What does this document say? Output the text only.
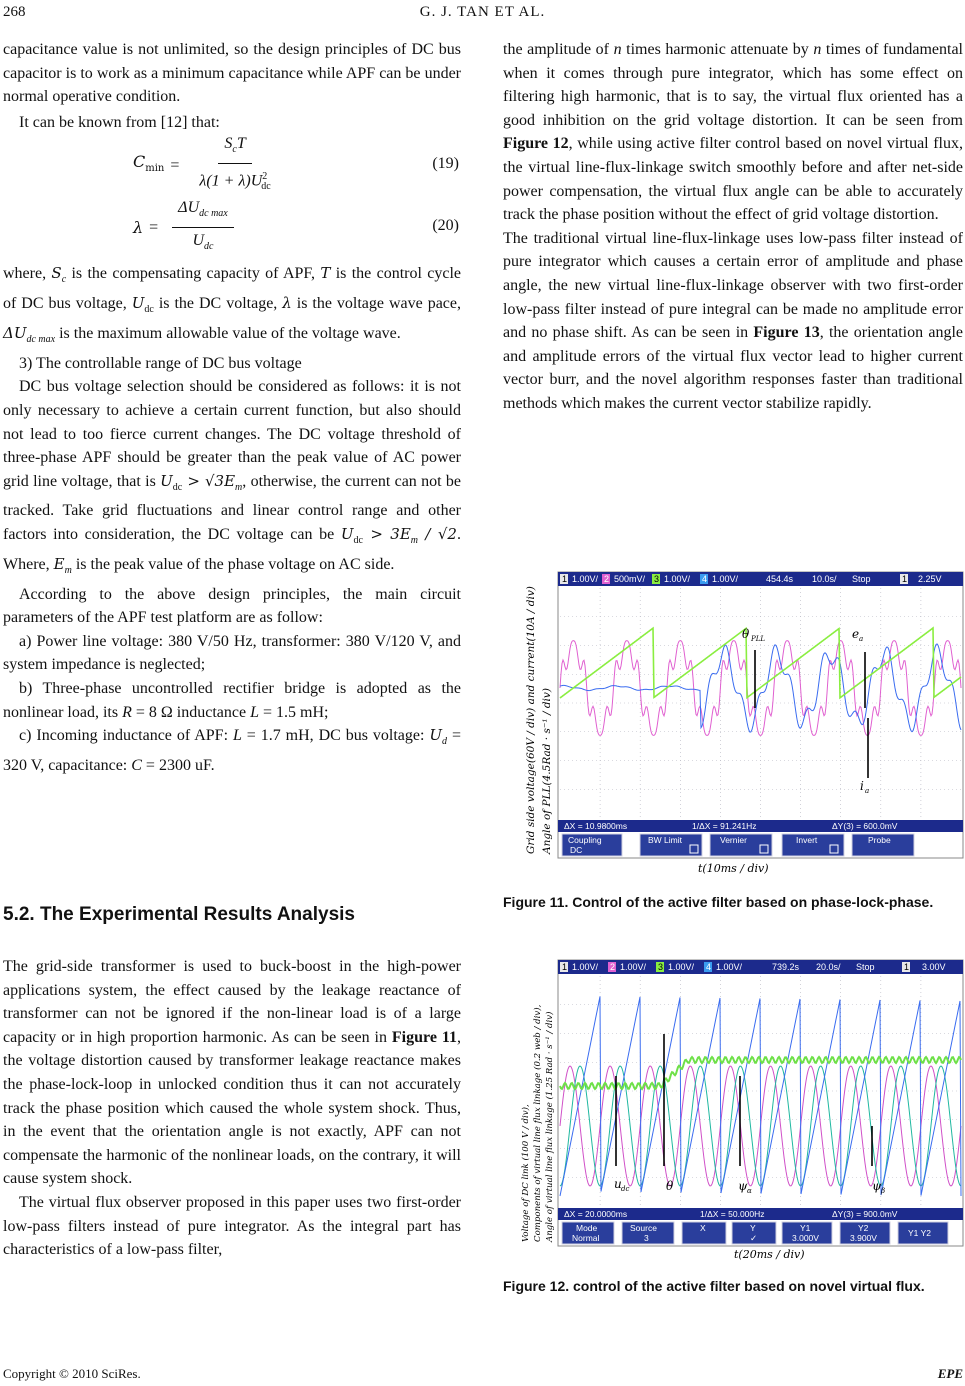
268	G. J. TAN ET AL.

capacitance value is not unlimited, so the design principles of DC bus capacitor is to work as a minimum capacitance while APF can be under normal operative condition.

It can be known from [12] that:

$C_{min} = \frac{S_cT}{\lambda(1 + \lambda)U^2_{dc}}$	(19)
$\lambda = \frac{\Delta U_{dc max}}{U_{dc}}$	(20)

where, $S_c$ is the compensating capacity of APF, T is the control cycle of DC bus voltage, $U_{dc}$ is the DC voltage, λ is the voltage wave pace, $\Delta U_{dc max}$ is the maximum allowable value of the voltage wave.

3) The controllable range of DC bus voltage

DC bus voltage selection should be considered as follows: it is not only necessary to achieve a certain current function, but also should not lead to too fierce current changes. The DC voltage threshold of three-phase APF should be greater than the peak value of AC power grid line voltage, that is $U_{dc} > √3E_m$, otherwise, the current can not be tracked. Take grid fluctuations and linear control range and other factors into consideration, the DC voltage can be $U_{dc} > 3E_m / √2$. Where, $E_m$ is the peak value of the phase voltage on AC side.

According to the above design principles, the main circuit parameters of the APF test platform are as follow:

a) Power line voltage: 380 V/50 Hz, transformer: 380 V/120 V, and system impedance is neglected;

b) Three-phase uncontrolled rectifier bridge is adopted as the nonlinear load, its R = 8 Ω inductance L = 1.5 mH;

c) Incoming inductance of APF: L = 1.7 mH, DC bus voltage: $U_d = 320$ V, capacitance: C = 2300 uF.

5.2. The Experimental Results Analysis

The grid-side transformer is used to buck-boost in the high-power applications system, the effect caused by the leakage reactance of transformer can not be ignored if the non-linear load is of a large capacity or in high proportion harmonic. As can be seen in Figure 11, the voltage distortion caused by transformer leakage reactance makes the phase-lock-loop in unlocked condition thus it can not accurately track the phase position which caused the whole system shock. Thus, in the event that the orientation angle is not exactly, APF can not compensate the harmonic of the nonlinear loads, on the contrary, it will cause system shock.

The virtual flux observer proposed in this paper uses two first-order low-pass filters instead of pure integrator. As the integral part has characteristics of a low-pass filter,

the amplitude of n times harmonic attenuate by n times of fundamental when it comes through pure integrator, which has some effect on filtering high harmonic, that is to say, the virtual flux oriented has a good inhibition on the grid voltage distortion. It can be seen from Figure 12, while using active filter control based on novel virtual flux, the virtual line-flux-linkage switch smoothly before and after net-side power compensation, the virtual flux angle can be able to accurately track the phase position without the effect of grid voltage distortion.

The traditional virtual line-flux-linkage uses low-pass filter instead of pure integrator which causes a certain error of amplitude and phase angle, the new virtual line-flux-linkage observer with two first-order low-pass filter instead of pure integral can be made no amplitude error and no phase shift. As can be seen in Figure 13, the orientation angle and amplitude errors of the virtual flux vector lead to higher current vector burr, and the novel algorithm responses faster than traditional methods which makes the current vector stabilize rapidly.

1 1.00V/ 2 500mV/ 3 1.00V/ 4 1.00V/	454.4s 10.0s/ Stop	1 2.25V
θ PLL	e a
i a
ΔX = 10.9800ms	1/ΔX = 91.241Hz	ΔY(3) = 600.0mV
Coupling
DC
BW Limit	Vernier	Invert	Probe
Grid side voltage(60V / div) and current(10A / div) Angle of PLL(4.5Rad · s⁻¹ / div)
t(10ms / div)
Figure 11. Control of the active filter based on phase-lock-phase.
1 1.00V/ 2 1.00V/ 3 1.00V/ 4 1.00V/	739.2s 20.0s/ Stop	1 3.00V
u dc	θ	ψ α	ψ β
ΔX = 20.0000ms	1/ΔX = 50.000Hz	ΔY(3) = 900.0mV
Mode
Normal
Source
3
X	Y
✓
Y1
3.000V
Y2
3.900V	Y1 Y2
Voltage of DC link (100 V / div), Components of virtual line flux linkage (0.2 web / div), Angle of virtual line flux linkage (1.25 Rad · s⁻¹ / div)
t(20ms / div)
Figure 12. control of the active filter based on novel virtual flux.
Copyright © 2010 SciRes.	EPE
